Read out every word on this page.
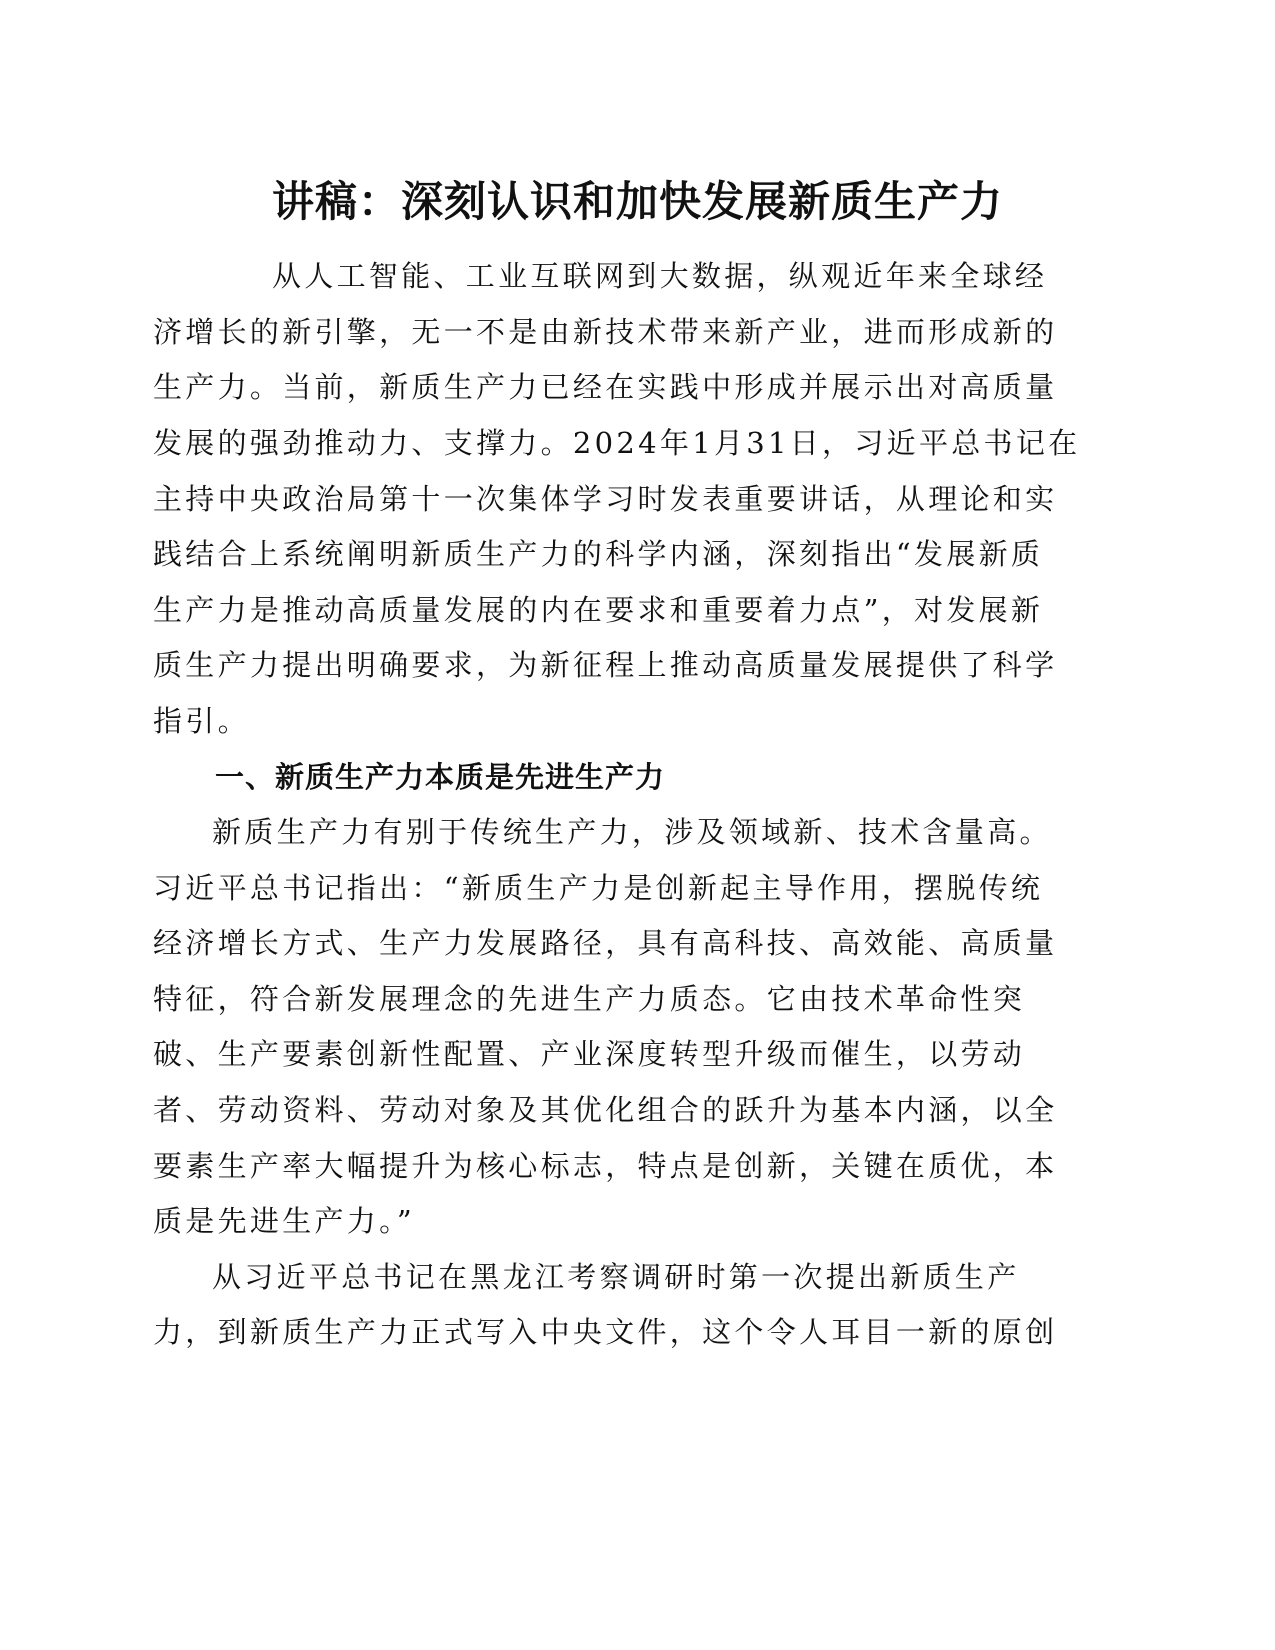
讲稿：深刻认识和加快发展新质生产力
从人工智能、工业互联网到大数据，纵观近年来全球经
济增长的新引擎，无一不是由新技术带来新产业，进而形成新的
生产力。当前，新质生产力已经在实践中形成并展示出对高质量
发展的强劲推动力、支撑力。2024年1月31日，习近平总书记在
主持中央政治局第十一次集体学习时发表重要讲话，从理论和实
践结合上系统阐明新质生产力的科学内涵，深刻指出“发展新质
生产力是推动高质量发展的内在要求和重要着力点”，对发展新
质生产力提出明确要求，为新征程上推动高质量发展提供了科学
指引。
一、新质生产力本质是先进生产力
新质生产力有别于传统生产力，涉及领域新、技术含量高。
习近平总书记指出：“新质生产力是创新起主导作用，摆脱传统
经济增长方式、生产力发展路径，具有高科技、高效能、高质量
特征，符合新发展理念的先进生产力质态。它由技术革命性突
破、生产要素创新性配置、产业深度转型升级而催生，以劳动
者、劳动资料、劳动对象及其优化组合的跃升为基本内涵，以全
要素生产率大幅提升为核心标志，特点是创新，关键在质优，本
质是先进生产力。”
从习近平总书记在黑龙江考察调研时第一次提出新质生产
力，到新质生产力正式写入中央文件，这个令人耳目一新的原创
